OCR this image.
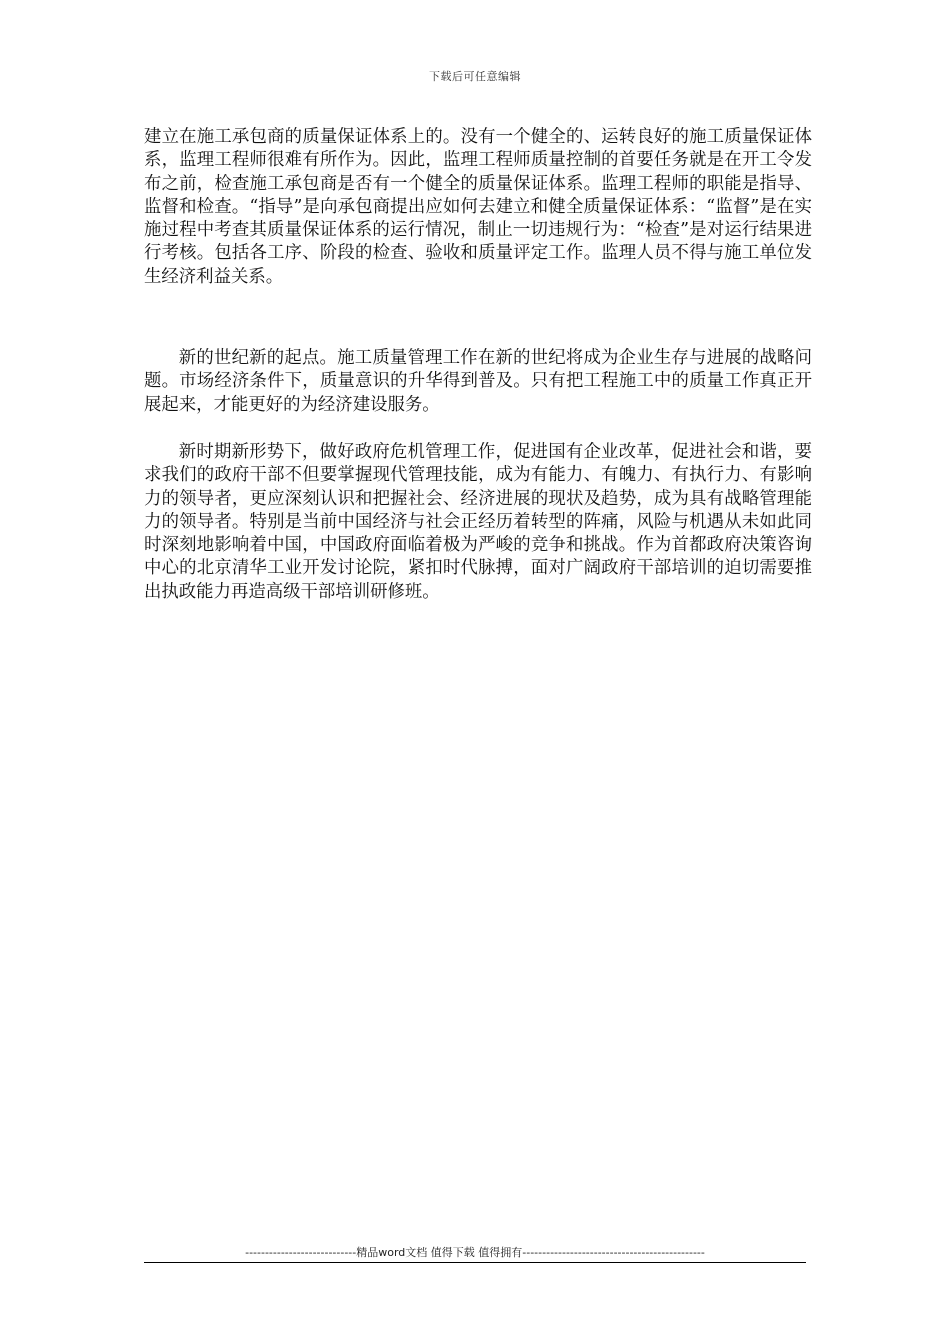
下载后可任意编辑

建立在施工承包商的质量保证体系上的。没有一个健全的、运转良好的施工质量保证体系，监理工程师很难有所作为。因此，监理工程师质量控制的首要任务就是在开工令发布之前，检查施工承包商是否有一个健全的质量保证体系。监理工程师的职能是指导、监督和检查。“指导”是向承包商提出应如何去建立和健全质量保证体系：“监督”是在实施过程中考查其质量保证体系的运行情况，制止一切违规行为：“检查”是对运行结果进行考核。包括各工序、阶段的检查、验收和质量评定工作。监理人员不得与施工单位发生经济利益关系。

新的世纪新的起点。施工质量管理工作在新的世纪将成为企业生存与进展的战略问题。市场经济条件下，质量意识的升华得到普及。只有把工程施工中的质量工作真正开展起来，才能更好的为经济建设服务。

新时期新形势下，做好政府危机管理工作，促进国有企业改革，促进社会和谐，要求我们的政府干部不但要掌握现代管理技能，成为有能力、有魄力、有执行力、有影响力的领导者，更应深刻认识和把握社会、经济进展的现状及趋势，成为具有战略管理能力的领导者。特别是当前中国经济与社会正经历着转型的阵痛，风险与机遇从未如此同时深刻地影响着中国，中国政府面临着极为严峻的竞争和挑战。作为首都政府决策咨询中心的北京清华工业开发讨论院，紧扣时代脉搏，面对广阔政府干部培训的迫切需要推出执政能力再造高级干部培训研修班。

----------------------------精品word文档 值得下载 值得拥有----------------------------------------------
